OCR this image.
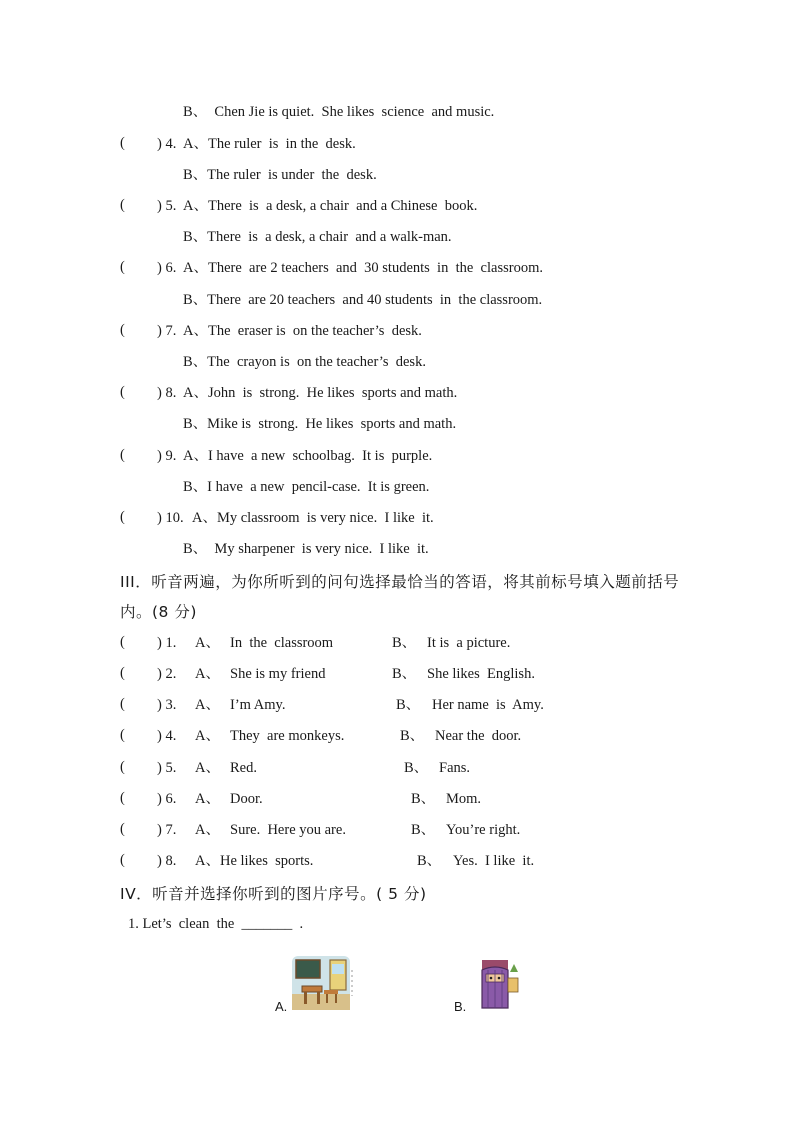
B、  Chen Jie is quiet.  She likes  science  and music.
( ) 4. A、The ruler  is  in the  desk.
B、The ruler  is under  the  desk.
( ) 5. A、There  is  a desk, a chair  and a Chinese  book.
B、There  is  a desk, a chair  and a walk-man.
( ) 6. A、There  are 2 teachers  and  30 students  in  the  classroom.
B、There  are 20 teachers  and 40 students  in  the classroom.
( ) 7. A、The  eraser is  on the teacher’s  desk.
B、The  crayon is  on the teacher’s  desk.
( ) 8. A、John  is  strong.  He likes  sports and math.
B、Mike is  strong.  He likes  sports and math.
( ) 9. A、I have  a new  schoolbag.  It is  purple.
B、I have  a new  pencil-case.  It is green.
( ) 10. A、My classroom  is very nice.  I like  it.
B、  My sharpener  is very nice.  I like  it.
III．听音两遍，为你所听到的问句选择最恰当的答语，将其前标号填入题前括号
内。(8 分)
( ) 1. A、 In  the  classroom	B、 It is  a picture.
( ) 2. A、 She is my friend	B、 She likes  English.
( ) 3. A、 I’m Amy.	B、 Her name  is  Amy.
( ) 4. A、 They  are monkeys.	B、 Near the  door.
( ) 5. A、 Red.	B、 Fans.
( ) 6. A、 Door.	B、 Mom.
( ) 7. A、 Sure.  Here you are.	B、 You’re right.
( ) 8. A、He likes  sports.	B、 Yes.  I like  it.
IV．听音并选择你听到的图片序号。( 5 分)
1. Let’s  clean  the  _______  .
A.	B.
